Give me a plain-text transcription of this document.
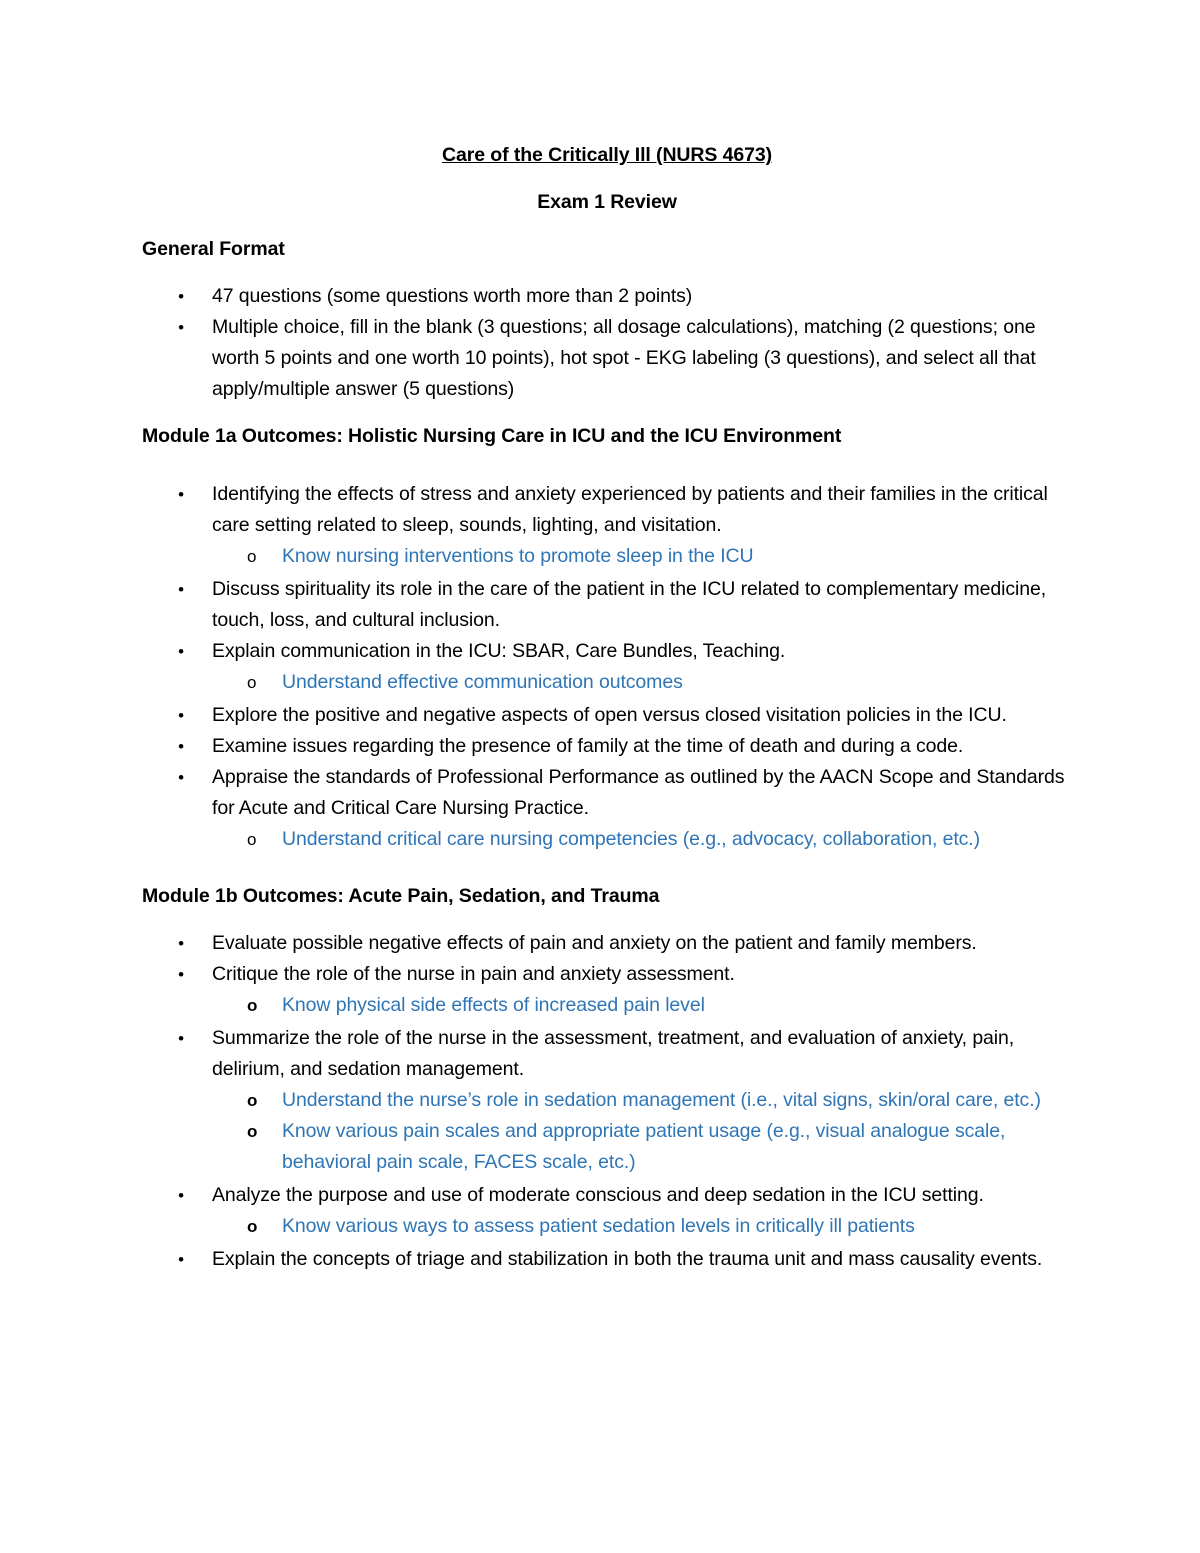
Care of the Critically Ill (NURS 4673)

Exam 1 Review

General Format

• 47 questions (some questions worth more than 2 points)
• Multiple choice, fill in the blank (3 questions; all dosage calculations), matching (2 questions; one worth 5 points and one worth 10 points), hot spot - EKG labeling (3 questions), and select all that apply/multiple answer (5 questions)

Module 1a Outcomes: Holistic Nursing Care in ICU and the ICU Environment

• Identifying the effects of stress and anxiety experienced by patients and their families in the critical care setting related to sleep, sounds, lighting, and visitation.
o Know nursing interventions to promote sleep in the ICU
• Discuss spirituality its role in the care of the patient in the ICU related to complementary medicine, touch, loss, and cultural inclusion.
• Explain communication in the ICU: SBAR, Care Bundles, Teaching.
o Understand effective communication outcomes
• Explore the positive and negative aspects of open versus closed visitation policies in the ICU.
• Examine issues regarding the presence of family at the time of death and during a code.
• Appraise the standards of Professional Performance as outlined by the AACN Scope and Standards for Acute and Critical Care Nursing Practice.
o Understand critical care nursing competencies (e.g., advocacy, collaboration, etc.)

Module 1b Outcomes: Acute Pain, Sedation, and Trauma

• Evaluate possible negative effects of pain and anxiety on the patient and family members.
• Critique the role of the nurse in pain and anxiety assessment.
o Know physical side effects of increased pain level
• Summarize the role of the nurse in the assessment, treatment, and evaluation of anxiety, pain, delirium, and sedation management.
o Understand the nurse’s role in sedation management (i.e., vital signs, skin/oral care, etc.)
o Know various pain scales and appropriate patient usage (e.g., visual analogue scale, behavioral pain scale, FACES scale, etc.)
• Analyze the purpose and use of moderate conscious and deep sedation in the ICU setting.
o Know various ways to assess patient sedation levels in critically ill patients
• Explain the concepts of triage and stabilization in both the trauma unit and mass causality events.
